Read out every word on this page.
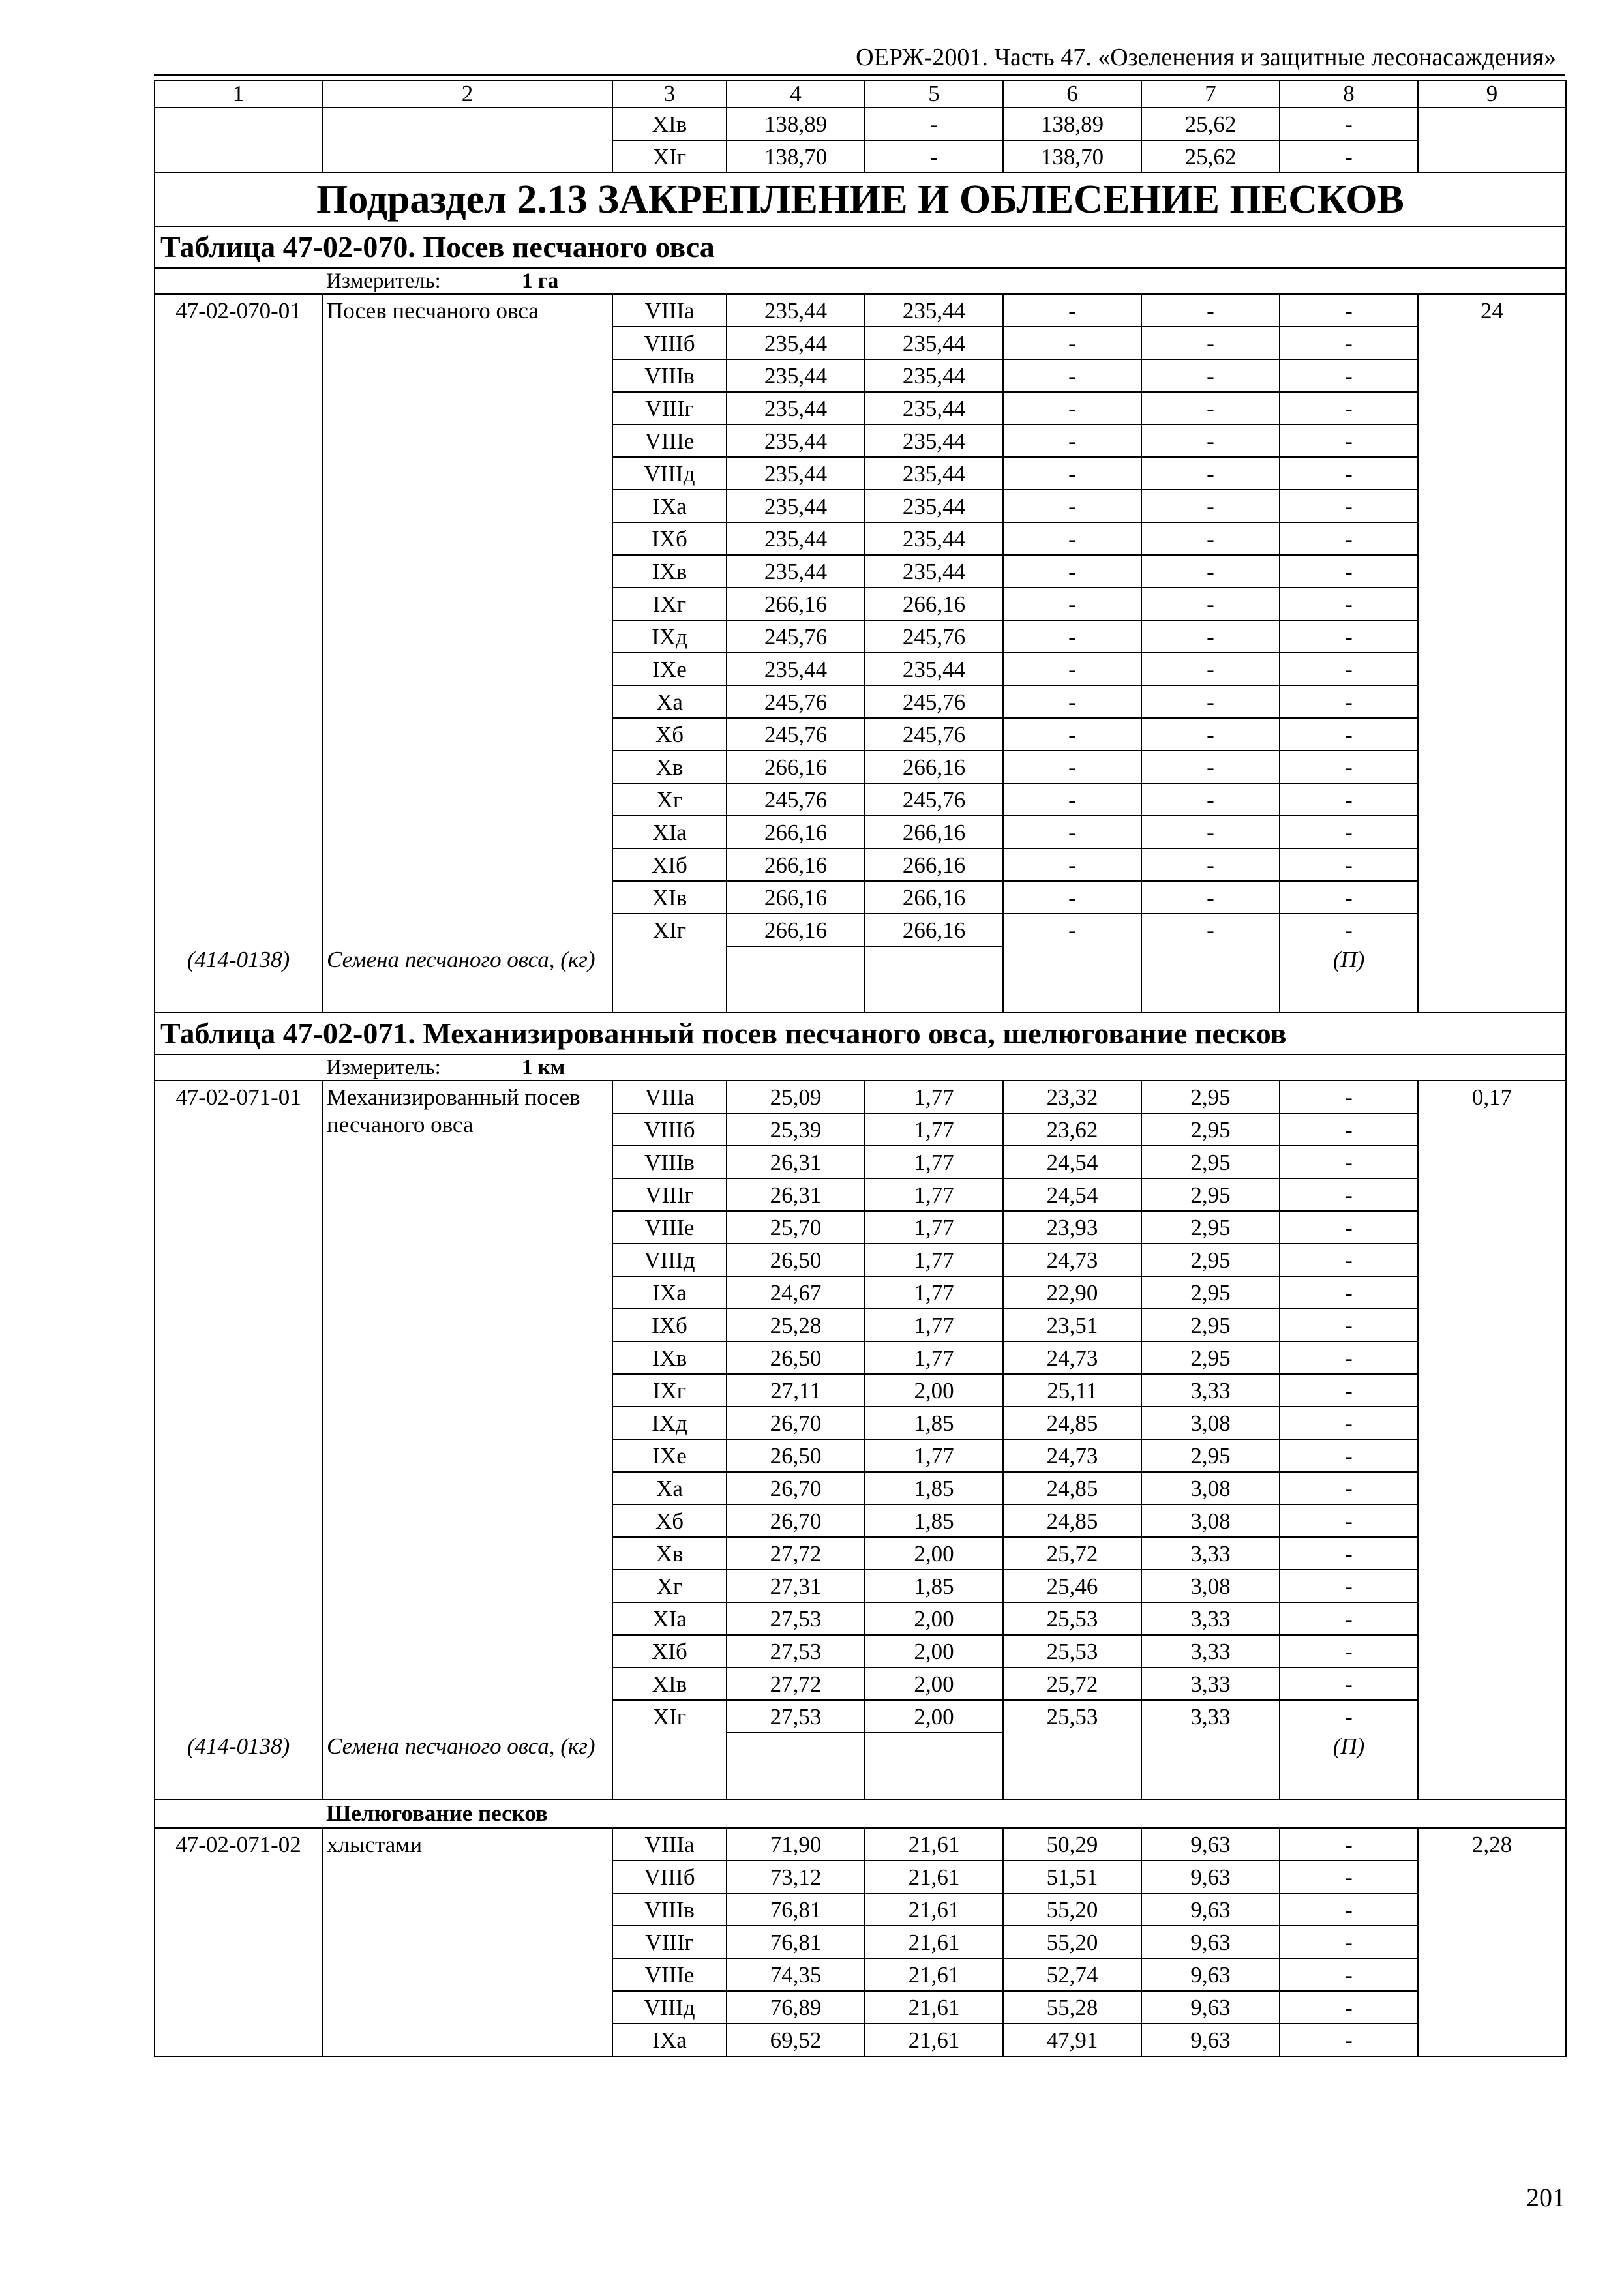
ОЕРЖ-2001. Часть 47. «Озеленения и защитные лесонасаждения»
1	2	3	4	5	6	7	8	9
		XIв	138,89	-	138,89	25,62	-	
		XIг	138,70	-	138,70	25,62	-	
Подраздел 2.13 ЗАКРЕПЛЕНИЕ И ОБЛЕСЕНИЕ ПЕСКОВ								
Таблица 47-02-070. Посев песчаного овса								
	Измеритель: 1 га							
47-02-070-01	Посев песчаного овса	VIIIа	235,44	235,44	-	-	-	24
		VIIIб	235,44	235,44	-	-	-	
		VIIIв	235,44	235,44	-	-	-	
		VIIIг	235,44	235,44	-	-	-	
		VIIIе	235,44	235,44	-	-	-	
		VIIIд	235,44	235,44	-	-	-	
		IXа	235,44	235,44	-	-	-	
		IXб	235,44	235,44	-	-	-	
		IXв	235,44	235,44	-	-	-	
		IXг	266,16	266,16	-	-	-	
		IXд	245,76	245,76	-	-	-	
		IXе	235,44	235,44	-	-	-	
		Xа	245,76	245,76	-	-	-	
		Xб	245,76	245,76	-	-	-	
		Xв	266,16	266,16	-	-	-	
		Xг	245,76	245,76	-	-	-	
		XIа	266,16	266,16	-	-	-	
		XIб	266,16	266,16	-	-	-	
		XIв	266,16	266,16	-	-	-	
		XIг	266,16	266,16	-	-	-	
(414-0138)	Семена песчаного овса, (кг)						(П)	
Таблица 47-02-071. Механизированный посев песчаного овса, шелюгование песков								
	Измеритель: 1 км							
47-02-071-01	Механизированный посев песчаного овса	VIIIа	25,09	1,77	23,32	2,95	-	0,17
		VIIIб	25,39	1,77	23,62	2,95	-	
		VIIIв	26,31	1,77	24,54	2,95	-	
		VIIIг	26,31	1,77	24,54	2,95	-	
		VIIIе	25,70	1,77	23,93	2,95	-	
		VIIIд	26,50	1,77	24,73	2,95	-	
		IXа	24,67	1,77	22,90	2,95	-	
		IXб	25,28	1,77	23,51	2,95	-	
		IXв	26,50	1,77	24,73	2,95	-	
		IXг	27,11	2,00	25,11	3,33	-	
		IXд	26,70	1,85	24,85	3,08	-	
		IXе	26,50	1,77	24,73	2,95	-	
		Xа	26,70	1,85	24,85	3,08	-	
		Xб	26,70	1,85	24,85	3,08	-	
		Xв	27,72	2,00	25,72	3,33	-	
		Xг	27,31	1,85	25,46	3,08	-	
		XIа	27,53	2,00	25,53	3,33	-	
		XIб	27,53	2,00	25,53	3,33	-	
		XIв	27,72	2,00	25,72	3,33	-	
		XIг	27,53	2,00	25,53	3,33	-	
(414-0138)	Семена песчаного овса, (кг)						(П)	
	Шелюгование песков							
47-02-071-02	хлыстами	VIIIа	71,90	21,61	50,29	9,63	-	2,28
		VIIIб	73,12	21,61	51,51	9,63	-	
		VIIIв	76,81	21,61	55,20	9,63	-	
		VIIIг	76,81	21,61	55,20	9,63	-	
		VIIIе	74,35	21,61	52,74	9,63	-	
		VIIIд	76,89	21,61	55,28	9,63	-	
		IXа	69,52	21,61	47,91	9,63	-	
201
